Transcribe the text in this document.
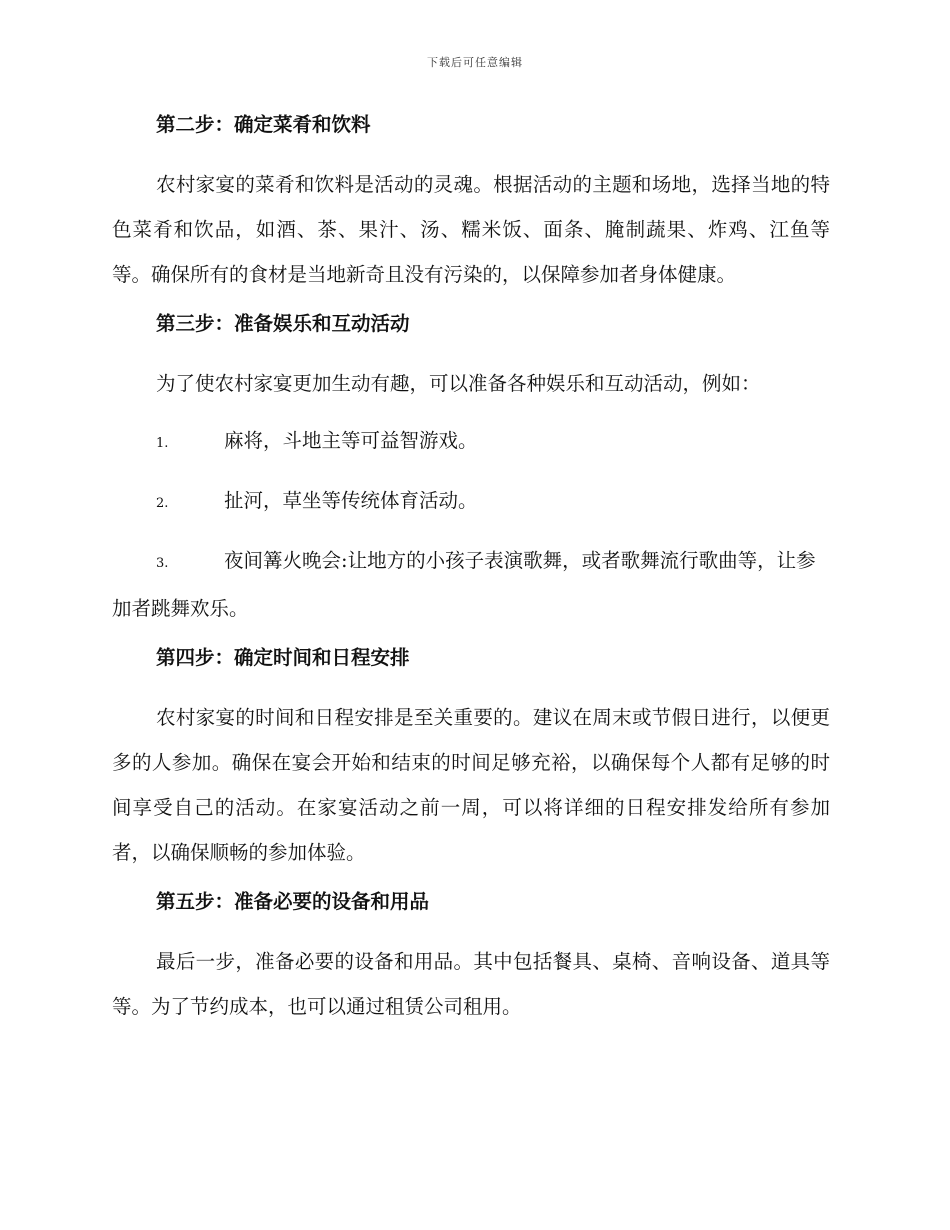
下载后可任意编辑

第二步：确定菜肴和饮料

农村家宴的菜肴和饮料是活动的灵魂。根据活动的主题和场地，选择当地的特色菜肴和饮品，如酒、茶、果汁、汤、糯米饭、面条、腌制蔬果、炸鸡、江鱼等等。确保所有的食材是当地新奇且没有污染的，以保障参加者身体健康。

第三步：准备娱乐和互动活动

为了使农村家宴更加生动有趣，可以准备各种娱乐和互动活动，例如：

1.	麻将，斗地主等可益智游戏。

2.	扯河，草坐等传统体育活动。

3.	夜间篝火晚会:让地方的小孩子表演歌舞，或者歌舞流行歌曲等，让参加者跳舞欢乐。

第四步：确定时间和日程安排

农村家宴的时间和日程安排是至关重要的。建议在周末或节假日进行，以便更多的人参加。确保在宴会开始和结束的时间足够充裕，以确保每个人都有足够的时间享受自己的活动。在家宴活动之前一周，可以将详细的日程安排发给所有参加者，以确保顺畅的参加体验。

第五步：准备必要的设备和用品

最后一步，准备必要的设备和用品。其中包括餐具、桌椅、音响设备、道具等等。为了节约成本，也可以通过租赁公司租用。
